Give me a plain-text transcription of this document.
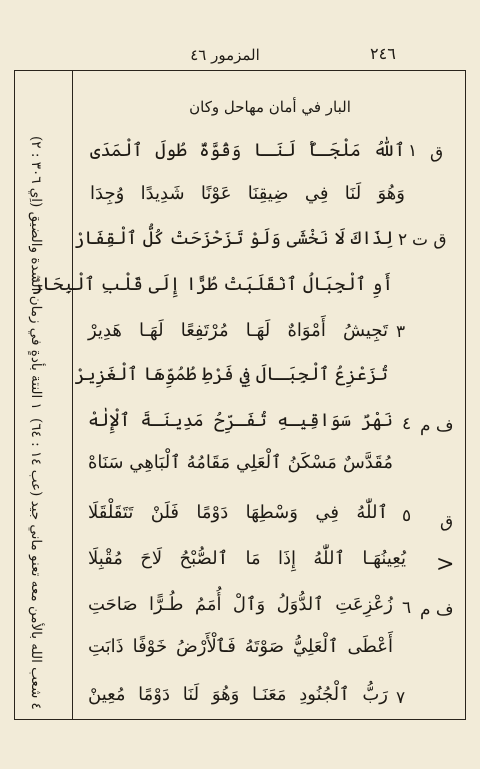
المزمور ٤٦	٢٤٦
١ النتة بأدةٍ في زمان الشدة والضيق (اِي ٣٠٦ : ٢)
٤ شعب الله بالأمن معه تعنو ماني جيد (عب ١٤ : ٦٤)
البار في أمان مهاحل وكان
ق
١
ٱللّٰهُ مَلْجَـأٌ لَنَـا وَقُوَّةٌ طُولَ ٱلْمَدَى
وَهُوَ لَنَا فِي ضِيقِنَا عَوْنًا شَدِيدًا وُجِدَا
ق ت
٢
لِذَاكَ لَا نَخْشَى وَلَوْ تَزَحْزَحَتْ كُلُّ ٱلْقِفَارْ
أَوِ ٱلْجِبَالُ ٱنْقَلَبَتْ طُرًّا إِلَى قَلْبِ ٱلْبِحَارْ
٣
تَجِيشُ أَمْوَاهٌ لَهَـا مُرْتَفِعًا لَهَـا هَدِيرْ
تُزَعْزِعُ ٱلْجِبَـالَ فِي فَرْطِ طُمُوِّهَا ٱلْغَزِيرْ
ف م
٤
نَهْرٌ سَوَاقِيـهِ تُفَـرِّحُ مَدِينَـةَ ٱلْإِلٰهْ
مُقَدَّسٌ مَسْكَنُ ٱلْعَلِي مَقَامُهُ ٱلْبَاهِي سَنَاهْ
ق
<
٥
ٱللّٰهُ فِي وَسْطِهَا دَوْمًا فَلَنْ تَتَقَلْقَلَا
يُعِينُهَـا ٱللّٰهُ إِذَا مَا ٱلصُّبْحُ لَاحَ مُقْبِلَا
ف م
٦
زُعْزِعَتِ ٱلدُّوَلُ وَٱلْ أُمَمُ طُـرًّا صَاحَتِ
أَعْطَى ٱلْعَلِيُّ صَوْتَهُ فَٱلْأَرْضُ خَوْفًا ذَابَتِ
٧
رَبُّ ٱلْجُنُودِ مَعَنَـا وَهُوَ لَنَا دَوْمًا مُعِينْ
